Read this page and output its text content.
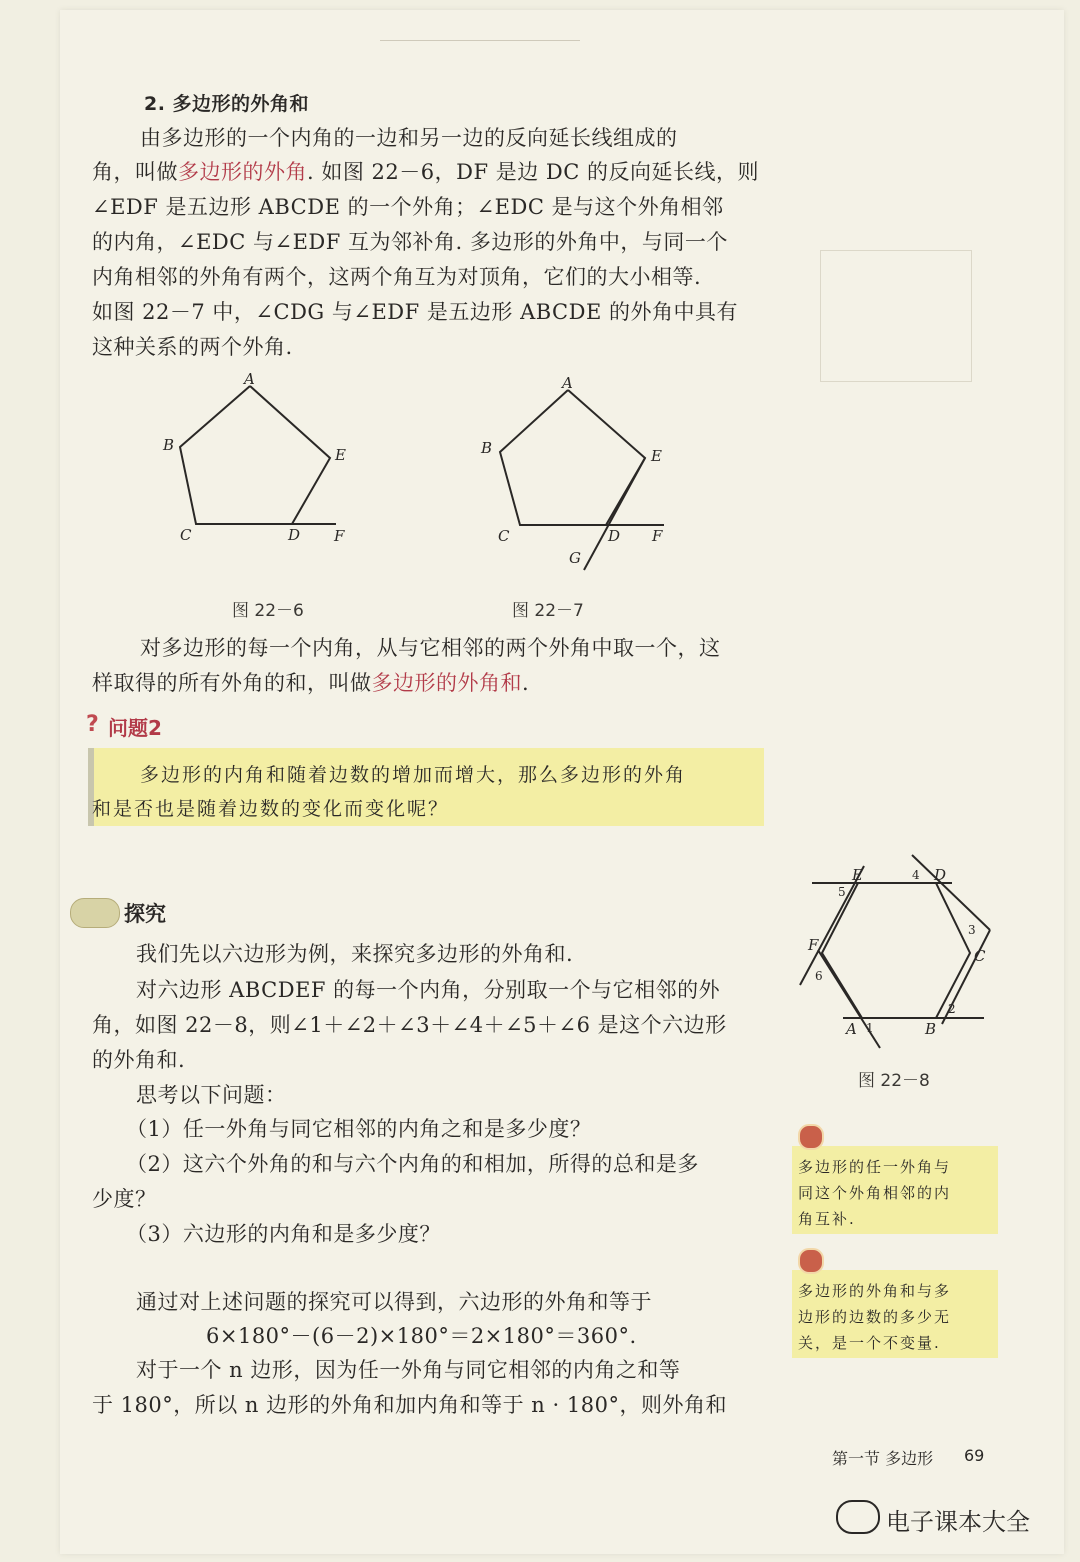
2. 多边形的外角和
由多边形的一个内角的一边和另一边的反向延长线组成的
角，叫做多边形的外角. 如图 22－6，DF 是边 DC 的反向延长线，则
∠EDF 是五边形 ABCDE 的一个外角；∠EDC 是与这个外角相邻
的内角，∠EDC 与∠EDF 互为邻补角. 多边形的外角中，与同一个
内角相邻的外角有两个，这两个角互为对顶角，它们的大小相等.
如图 22－7 中，∠CDG 与∠EDF 是五边形 ABCDE 的外角中具有
这种关系的两个外角.
A
B
C	D
E
F
图 22－6
A
B
C	D
E
F
G
图 22－7
对多边形的每一个内角，从与它相邻的两个外角中取一个，这
样取得的所有外角的和，叫做多边形的外角和.
? 问题2
多边形的内角和随着边数的增加而增大，那么多边形的外角
和是否也是随着边数的变化而变化呢？
探究
我们先以六边形为例，来探究多边形的外角和.
对六边形 ABCDEF 的每一个内角，分别取一个与它相邻的外
角，如图 22－8，则∠1＋∠2＋∠3＋∠4＋∠5＋∠6 是这个六边形
的外角和.
思考以下问题：
（1）任一外角与同它相邻的内角之和是多少度？
（2）这六个外角的和与六个内角的和相加，所得的总和是多
少度？
（3）六边形的内角和是多少度？
通过对上述问题的探究可以得到，六边形的外角和等于
6×180°－(6－2)×180°＝2×180°＝360°.
对于一个 n 边形，因为任一外角与同它相邻的内角之和等
于 180°，所以 n 边形的外角和加内角和等于 n · 180°，则外角和
E	D
C
B
A
F
1
2
3
4
5
6
图 22－8
多边形的任一外角与
同这个外角相邻的内
角互补.
多边形的外角和与多
边形的边数的多少无
关，是一个不变量.
第一节 多边形 69
电子课本大全
